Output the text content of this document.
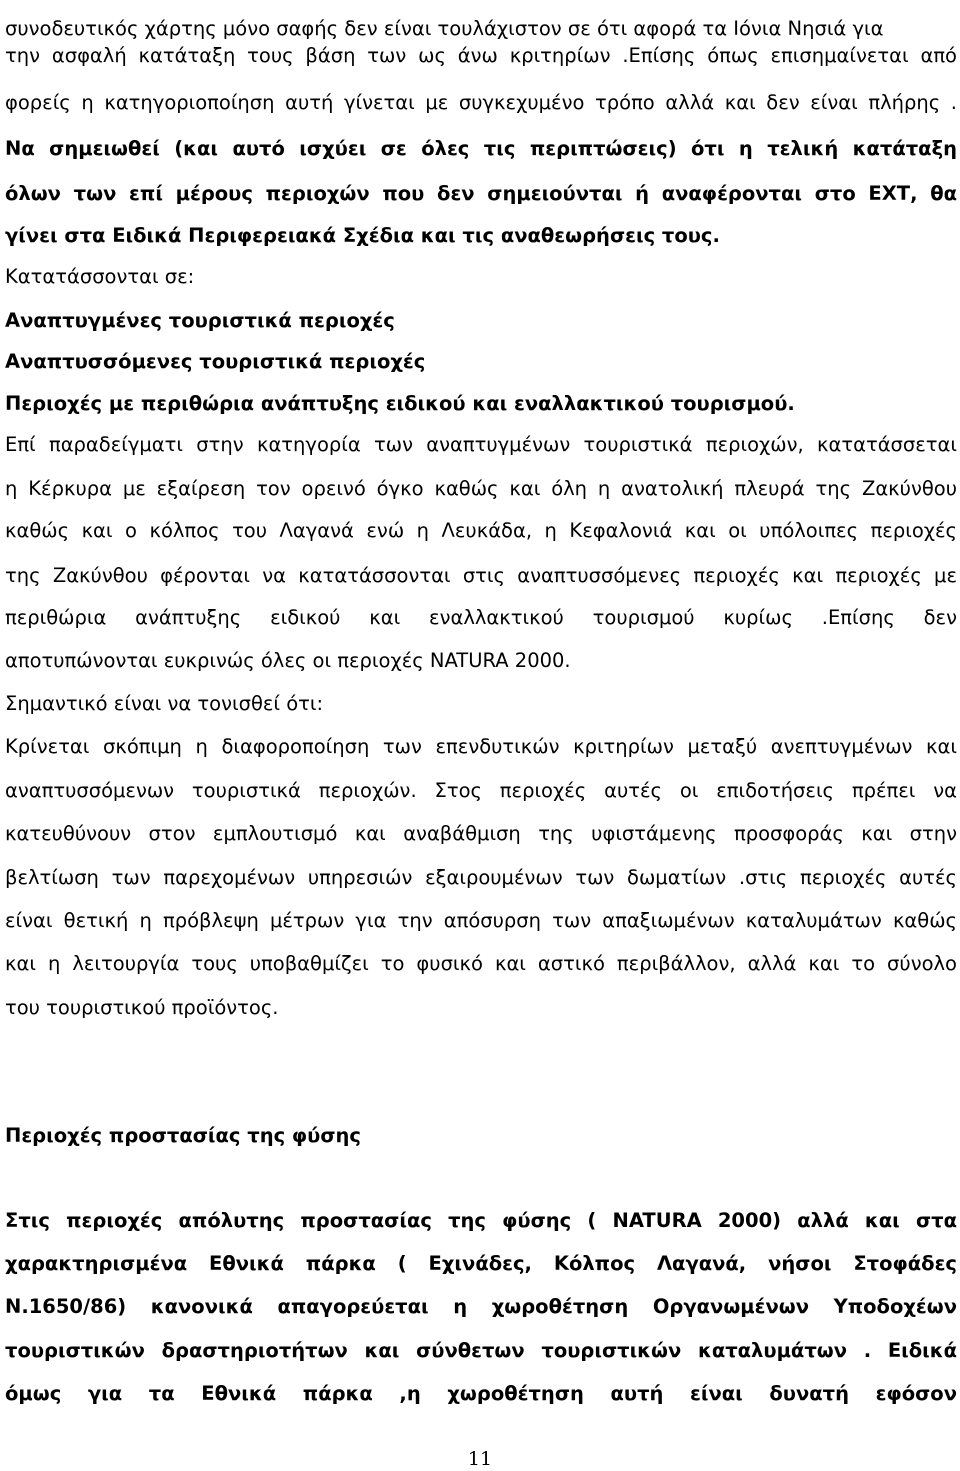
συνοδευτικός χάρτης μόνο σαφής δεν είναι τουλάχιστον σε ότι αφορά τα Ιόνια Νησιά για
την ασφαλή κατάταξη τους βάση των ως άνω κριτηρίων .Επίσης όπως επισημαίνεται από
φορείς η κατηγοριοποίηση αυτή γίνεται με συγκεχυμένο τρόπο αλλά και δεν είναι πλήρης .
Να σημειωθεί (και αυτό ισχύει σε όλες τις περιπτώσεις) ότι η τελική κατάταξη
όλων των επί μέρους περιοχών που δεν σημειούνται ή αναφέρονται στο ΕΧΤ, θα
γίνει στα Ειδικά Περιφερειακά Σχέδια και τις αναθεωρήσεις τους.
Κατατάσσονται σε:
Αναπτυγμένες τουριστικά περιοχές
Αναπτυσσόμενες τουριστικά περιοχές
Περιοχές με περιθώρια ανάπτυξης ειδικού και εναλλακτικού τουρισμού.
Επί παραδείγματι στην κατηγορία των αναπτυγμένων τουριστικά περιοχών, κατατάσσεται
η Κέρκυρα με εξαίρεση τον ορεινό όγκο καθώς και όλη η ανατολική πλευρά της Ζακύνθου
καθώς και ο κόλπος του Λαγανά ενώ η Λευκάδα, η Κεφαλονιά και οι υπόλοιπες περιοχές
της Ζακύνθου φέρονται να κατατάσσονται στις αναπτυσσόμενες περιοχές και περιοχές με
περιθώρια ανάπτυξης ειδικού και εναλλακτικού τουρισμού κυρίως .Επίσης δεν
αποτυπώνονται ευκρινώς όλες οι περιοχές NATURA 2000.
Σημαντικό είναι να τονισθεί ότι:
Κρίνεται σκόπιμη η διαφοροποίηση των επενδυτικών κριτηρίων μεταξύ ανεπτυγμένων και
αναπτυσσόμενων τουριστικά περιοχών. Στος περιοχές αυτές οι επιδοτήσεις πρέπει να
κατευθύνουν στον εμπλουτισμό και αναβάθμιση της υφιστάμενης προσφοράς και στην
βελτίωση των παρεχομένων υπηρεσιών εξαιρουμένων των δωματίων .στις περιοχές αυτές
είναι θετική η πρόβλεψη μέτρων για την απόσυρση των απαξιωμένων καταλυμάτων καθώς
και η λειτουργία τους υποβαθμίζει το φυσικό και αστικό περιβάλλον, αλλά και το σύνολο
του τουριστικού προϊόντος.
Περιοχές προστασίας της φύσης
Στις περιοχές απόλυτης προστασίας της φύσης ( NATURA 2000) αλλά και στα
χαρακτηρισμένα Εθνικά πάρκα ( Εχινάδες, Κόλπος Λαγανά, νήσοι Στοφάδες
Ν.1650/86) κανονικά απαγορεύεται η χωροθέτηση Οργανωμένων Υποδοχέων
τουριστικών δραστηριοτήτων και σύνθετων τουριστικών καταλυμάτων . Ειδικά
όμως για τα Εθνικά πάρκα ,η χωροθέτηση αυτή είναι δυνατή εφόσον
11
